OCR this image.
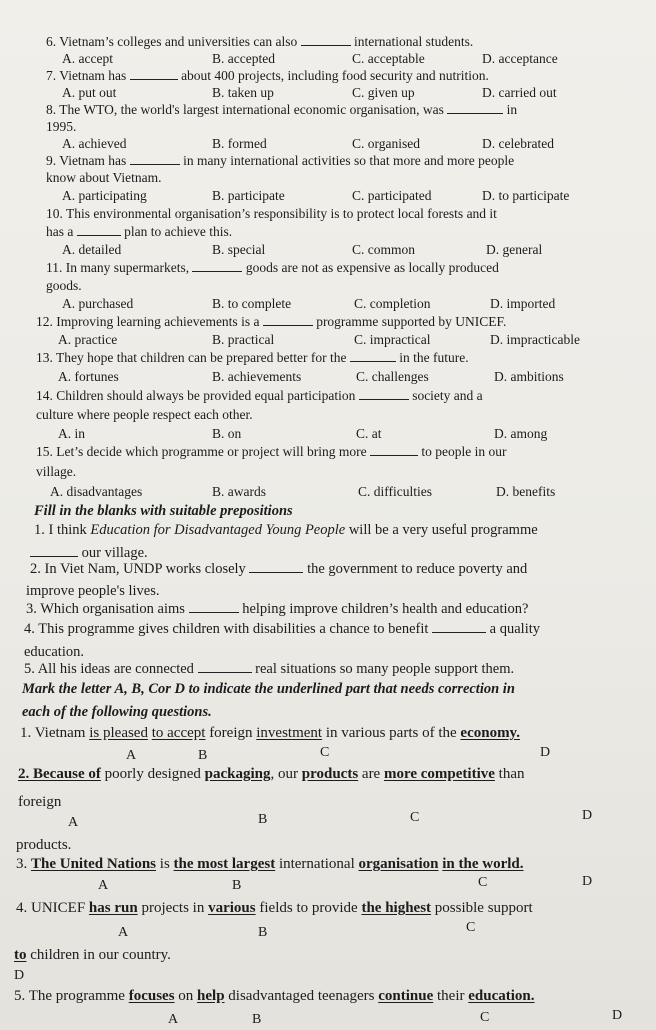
6. Vietnam’s colleges and universities can also	international students.
A. accept	B. accepted	C. acceptable	D. acceptance
7. Vietnam has	about 400 projects, including food security and nutrition.
A. put out	B. taken up	C. given up	D. carried out
8. The WTO, the world's largest international economic organisation, was	in
1995.
A. achieved	B. formed	C. organised	D. celebrated
9. Vietnam has	in many international activities so that more and more people
know about Vietnam.
A. participating	B. participate	C. participated	D. to participate
10. This environmental organisation’s responsibility is to protect local forests and it
has a	plan to achieve this.
A. detailed	B. special	C. common	D. general
11. In many supermarkets,	goods are not as expensive as locally produced
goods.
A. purchased	B. to complete	C. completion	D. imported
12. Improving learning achievements is a	programme supported by UNICEF.
A. practice	B. practical	C. impractical	D. impracticable
13. They hope that children can be prepared better for the	in the future.
A. fortunes	B. achievements	C. challenges	D. ambitions
14. Children should always be provided equal participation	society and a
culture where people respect each other.
A. in	B. on	C. at	D. among
15. Let’s decide which programme or project will bring more	to people in our
village.
A. disadvantages	B. awards	C. difficulties	D. benefits
Fill in the blanks with suitable prepositions
1. I think Education for Disadvantaged Young People will be a very useful programme
our village.
2. In Viet Nam, UNDP works closely	the government to reduce poverty and
improve people's lives.
3. Which organisation aims	helping improve children’s health and education?
4. This programme gives children with disabilities a chance to benefit	a quality
education.
5. All his ideas are connected	real situations so many people support them.
Mark the letter A, B, Cor D to indicate the underlined part that needs correction in
each of the following questions.
1. Vietnam is pleased to accept foreign investment in various parts of the economy.
A	B	C	D
2. Because of poorly designed packaging, our products are more competitive than
foreign
A	B	C	D
products.
3. The United Nations is the most largest international organisation in the world.
A	B	C	D
4. UNICEF has run projects in various fields to provide the highest possible support
A	B	C
to children in our country.
D
5. The programme focuses on help disadvantaged teenagers continue their education.
A	B	C	D
